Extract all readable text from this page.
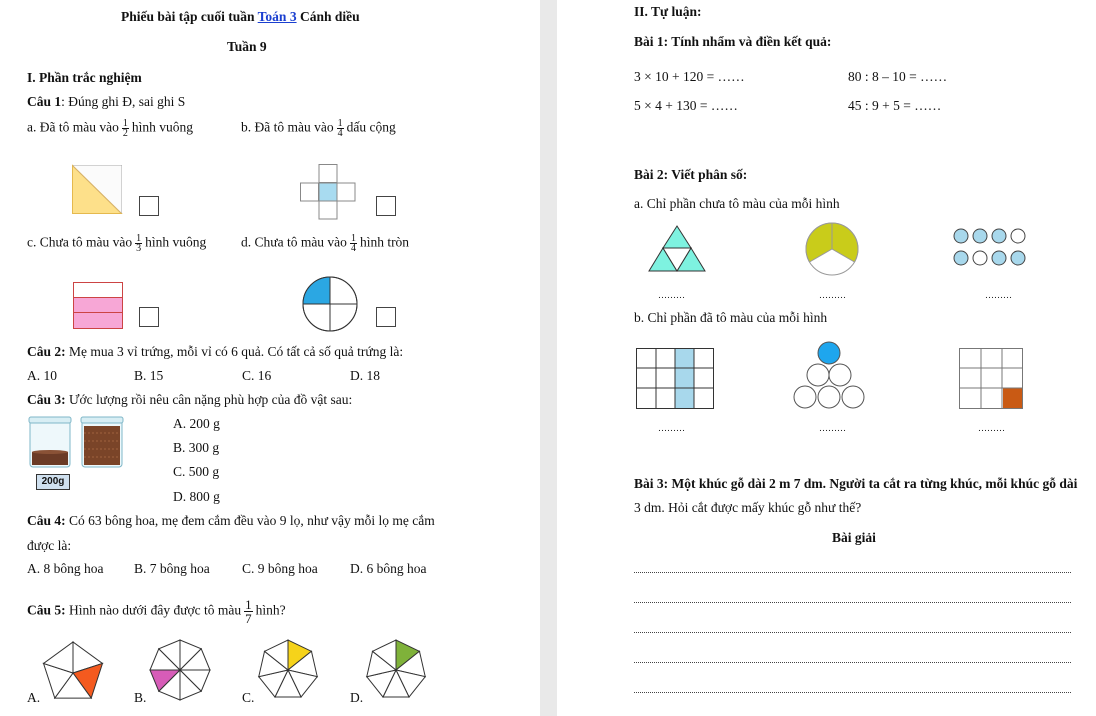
Phiếu bài tập cuối tuần Toán 3 Cánh diều
Tuần 9
I. Phần trắc nghiệm
Câu 1: Đúng ghi Đ, sai ghi S
a. Đã tô màu vào $\frac{1}{2}$ hình vuông	b. Đã tô màu vào $\frac{1}{4}$ dấu cộng
c. Chưa tô màu vào $\frac{1}{3}$ hình vuông	d. Chưa tô màu vào $\frac{1}{4}$ hình tròn
Câu 2: Mẹ mua 3 vỉ trứng, mỗi vỉ có 6 quả. Có tất cả số quả trứng là:
A. 10	B. 15	C. 16	D. 18
Câu 3: Ước lượng rồi nêu cân nặng phù hợp của đồ vật sau:
200g
A. 200 g
B. 300 g
C. 500 g
D. 800 g
Câu 4: Có 63 bông hoa, mẹ đem cắm đều vào 9 lọ, như vậy mỗi lọ mẹ cắm
được là:
A. 8 bông hoa B. 7 bông hoa C. 9 bông hoa D. 6 bông hoa
Câu 5: Hình nào dưới đây được tô màu $\frac{1}{7}$ hình?
A.	B.	C.	D.
II. Tự luận:
Bài 1: Tính nhẩm và điền kết quả:
3 × 10 + 120 = ……	80 : 8 – 10 = ……
5 × 4 + 130 = ……	45 : 9 + 5 = ……
Bài 2: Viết phân số:
a. Chỉ phần chưa tô màu của mỗi hình
………	………	………
b. Chỉ phần đã tô màu của mỗi hình
………	………	………
Bài 3: Một khúc gỗ dài 2 m 7 dm. Người ta cắt ra từng khúc, mỗi khúc gỗ dài
3 dm. Hỏi cắt được mấy khúc gỗ như thế?
Bài giải
